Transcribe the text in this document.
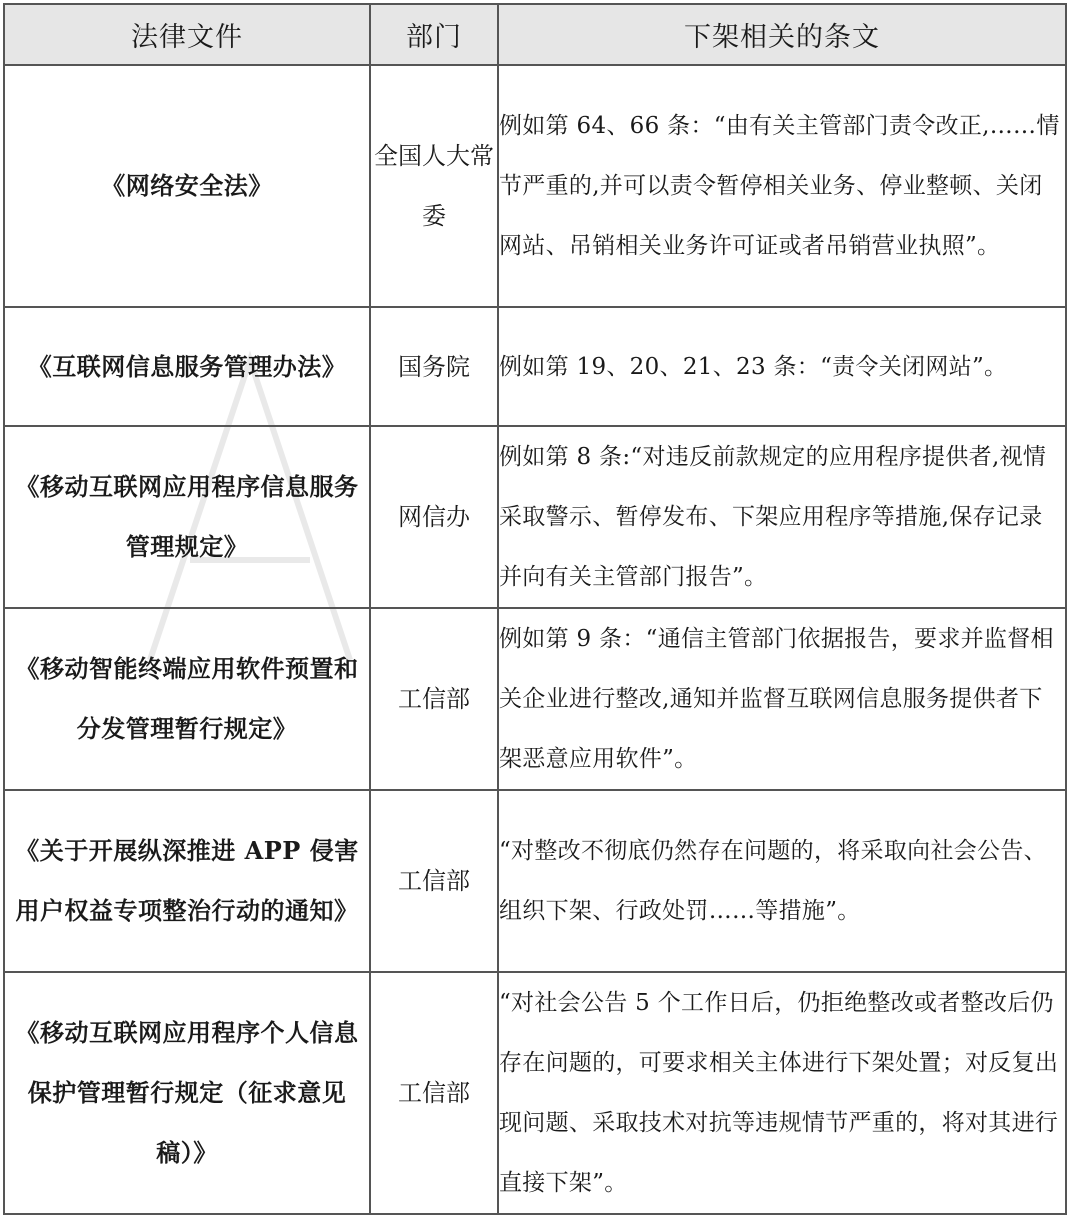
法律文件	部门	下架相关的条文
《网络安全法》	全国人大常委	例如第 64、66 条：“由有关主管部门责令改正,……情节严重的,并可以责令暂停相关业务、停业整顿、关闭网站、吊销相关业务许可证或者吊销营业执照”。
《互联网信息服务管理办法》	国务院	例如第 19、20、21、23 条：“责令关闭网站”。
《移动互联网应用程序信息服务管理规定》	网信办	例如第 8 条:“对违反前款规定的应用程序提供者,视情采取警示、暂停发布、下架应用程序等措施,保存记录并向有关主管部门报告”。
《移动智能终端应用软件预置和分发管理暂行规定》	工信部	例如第 9 条：“通信主管部门依据报告，要求并监督相关企业进行整改,通知并监督互联网信息服务提供者下架恶意应用软件”。
《关于开展纵深推进 APP 侵害用户权益专项整治行动的通知》	工信部	“对整改不彻底仍然存在问题的，将采取向社会公告、组织下架、行政处罚……等措施”。
《移动互联网应用程序个人信息保护管理暂行规定（征求意见稿）》	工信部	“对社会公告 5 个工作日后，仍拒绝整改或者整改后仍存在问题的，可要求相关主体进行下架处置；对反复出现问题、采取技术对抗等违规情节严重的，将对其进行直接下架”。
